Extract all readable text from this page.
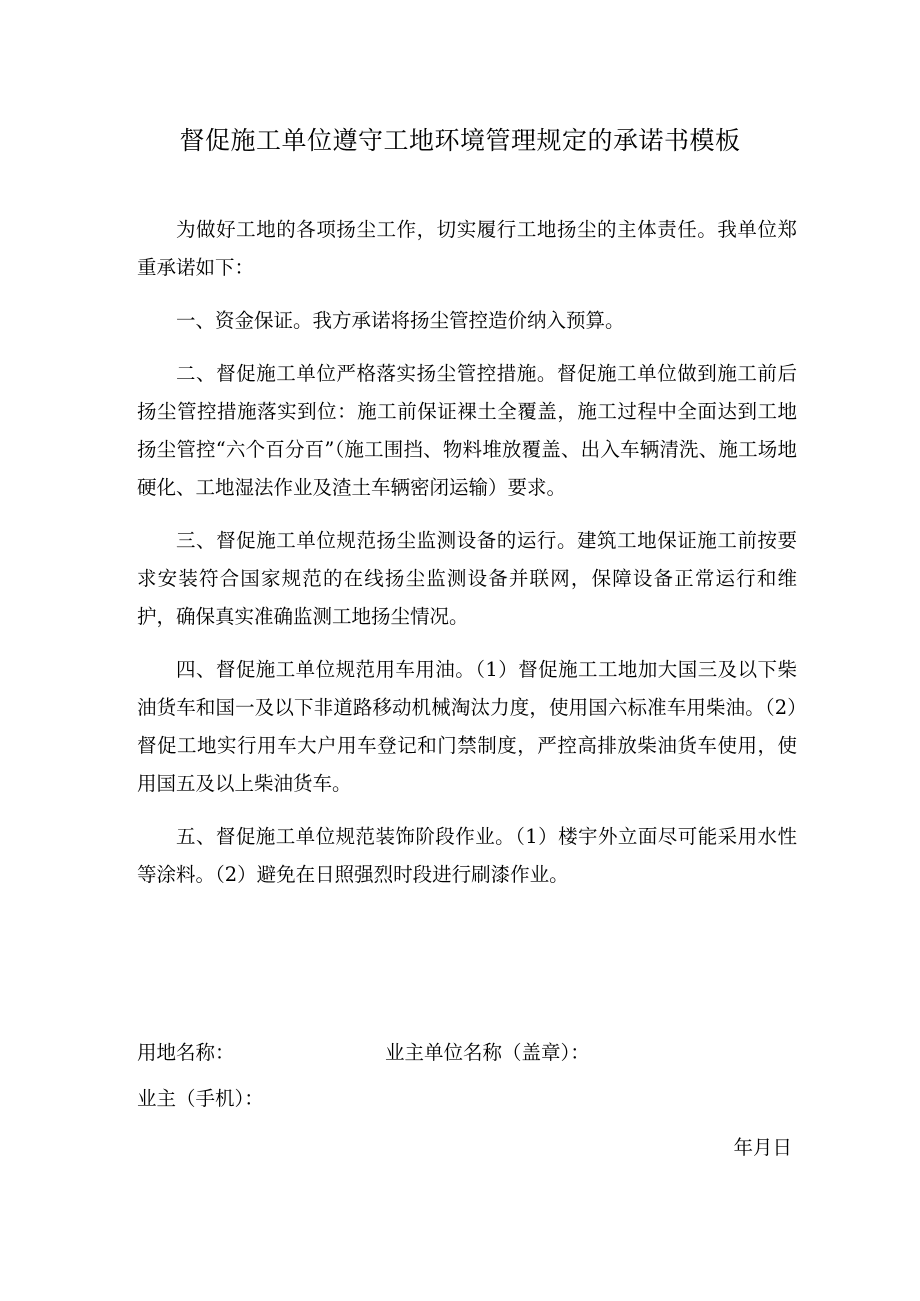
督促施工单位遵守工地环境管理规定的承诺书模板

为做好工地的各项扬尘工作，切实履行工地扬尘的主体责任。我单位郑重承诺如下：

一、资金保证。我方承诺将扬尘管控造价纳入预算。

二、督促施工单位严格落实扬尘管控措施。督促施工单位做到施工前后扬尘管控措施落实到位：施工前保证裸土全覆盖，施工过程中全面达到工地扬尘管控“六个百分百”（施工围挡、物料堆放覆盖、出入车辆清洗、施工场地硬化、工地湿法作业及渣土车辆密闭运输）要求。

三、督促施工单位规范扬尘监测设备的运行。建筑工地保证施工前按要求安装符合国家规范的在线扬尘监测设备并联网，保障设备正常运行和维护，确保真实准确监测工地扬尘情况。

四、督促施工单位规范用车用油。（1）督促施工工地加大国三及以下柴油货车和国一及以下非道路移动机械淘汰力度，使用国六标准车用柴油。（2）督促工地实行用车大户用车登记和门禁制度，严控高排放柴油货车使用，使用国五及以上柴油货车。

五、督促施工单位规范装饰阶段作业。（1）楼宇外立面尽可能采用水性等涂料。（2）避免在日照强烈时段进行刷漆作业。

用地名称：	业主单位名称（盖章）：
业主（手机）：
年月日
